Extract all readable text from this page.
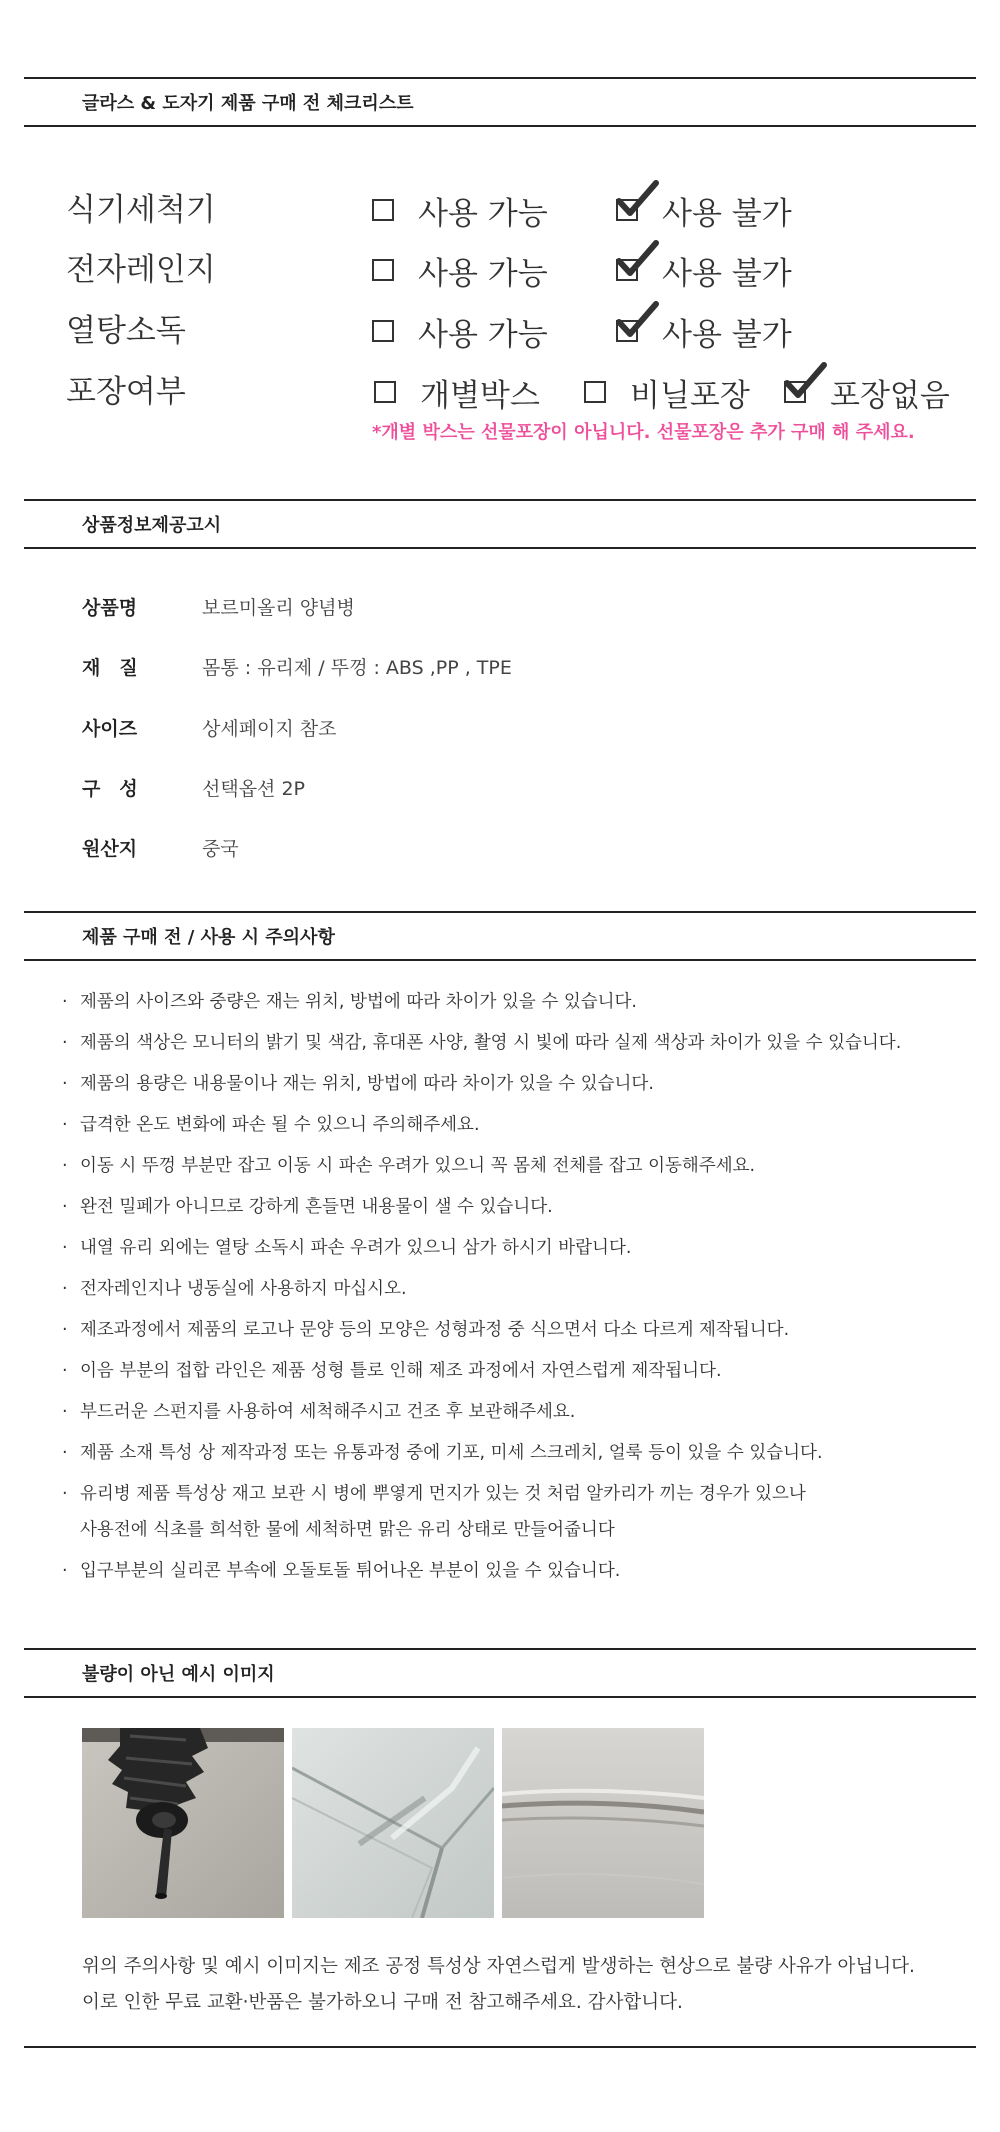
글라스 & 도자기 제품 구매 전 체크리스트
식기세척기	사용 가능	사용 불가
전자레인지	사용 가능	사용 불가
열탕소독	사용 가능	사용 불가
포장여부	개별박스	비닐포장	포장없음
*개별 박스는 선물포장이 아닙니다. 선물포장은 추가 구매 해 주세요.
상품정보제공고시
상품명	보르미올리 양념병
재　질	몸통 : 유리제 / 뚜껑 : ABS ,PP , TPE
사이즈	상세페이지 참조
구　성	선택옵션 2P
원산지	중국
제품 구매 전 / 사용 시 주의사항
· 제품의 사이즈와 중량은 재는 위치, 방법에 따라 차이가 있을 수 있습니다.
· 제품의 색상은 모니터의 밝기 및 색감, 휴대폰 사양, 촬영 시 빛에 따라 실제 색상과 차이가 있을 수 있습니다.
· 제품의 용량은 내용물이나 재는 위치, 방법에 따라 차이가 있을 수 있습니다.
· 급격한 온도 변화에 파손 될 수 있으니 주의해주세요.
· 이동 시 뚜껑 부분만 잡고 이동 시 파손 우려가 있으니 꼭 몸체 전체를 잡고 이동해주세요.
· 완전 밀페가 아니므로 강하게 흔들면 내용물이 샐 수 있습니다.
· 내열 유리 외에는 열탕 소독시 파손 우려가 있으니 삼가 하시기 바랍니다.
· 전자레인지나 냉동실에 사용하지 마십시오.
· 제조과정에서 제품의 로고나 문양 등의 모양은 성형과정 중 식으면서 다소 다르게 제작됩니다.
· 이음 부분의 접합 라인은 제품 성형 틀로 인해 제조 과정에서 자연스럽게 제작됩니다.
· 부드러운 스펀지를 사용하여 세척해주시고 건조 후 보관해주세요.
· 제품 소재 특성 상 제작과정 또는 유통과정 중에 기포, 미세 스크레치, 얼룩 등이 있을 수 있습니다.
· 유리병 제품 특성상 재고 보관 시 병에 뿌옇게 먼지가 있는 것 처럼 알카리가 끼는 경우가 있으나
사용전에 식초를 희석한 물에 세척하면 맑은 유리 상태로 만들어줍니다
· 입구부분의 실리콘 부속에 오돌토돌 튀어나온 부분이 있을 수 있습니다.
불량이 아닌 예시 이미지
위의 주의사항 및 예시 이미지는 제조 공정 특성상 자연스럽게 발생하는 현상으로 불량 사유가 아닙니다.
이로 인한 무료 교환·반품은 불가하오니 구매 전 참고해주세요. 감사합니다.
